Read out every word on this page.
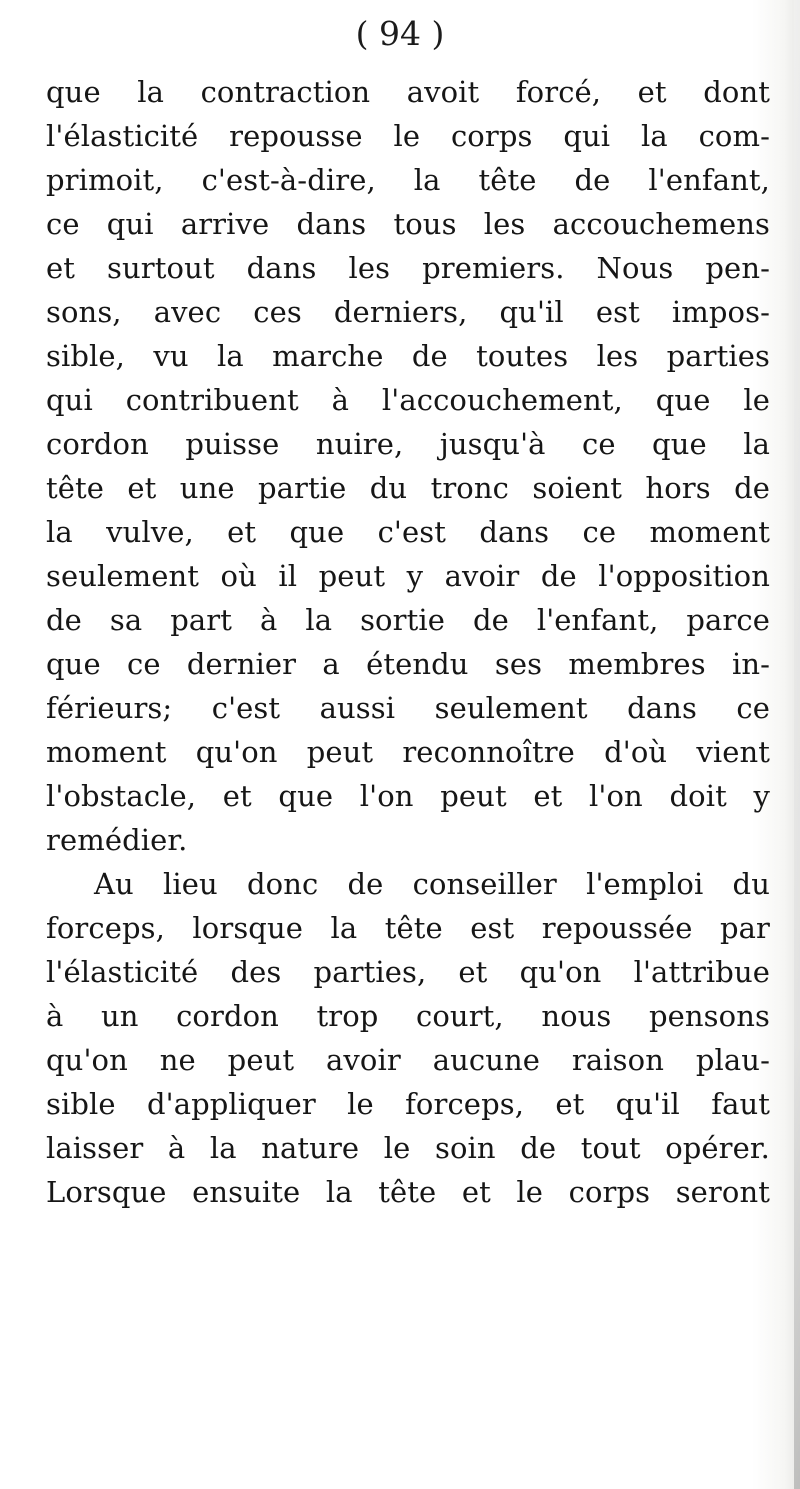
( 94 )
que la contraction avoit forcé, et dont
l'élasticité repousse le corps qui la com-
primoit, c'est-à-dire, la tête de l'enfant,
ce qui arrive dans tous les accouchemens
et surtout dans les premiers. Nous pen-
sons, avec ces derniers, qu'il est impos-
sible, vu la marche de toutes les parties
qui contribuent à l'accouchement, que le
cordon puisse nuire, jusqu'à ce que la
tête et une partie du tronc soient hors de
la vulve, et que c'est dans ce moment
seulement où il peut y avoir de l'opposition
de sa part à la sortie de l'enfant, parce
que ce dernier a étendu ses membres in-
férieurs; c'est aussi seulement dans ce
moment qu'on peut reconnoître d'où vient
l'obstacle, et que l'on peut et l'on doit y
remédier.
Au lieu donc de conseiller l'emploi du
forceps, lorsque la tête est repoussée par
l'élasticité des parties, et qu'on l'attribue
à un cordon trop court, nous pensons
qu'on ne peut avoir aucune raison plau-
sible d'appliquer le forceps, et qu'il faut
laisser à la nature le soin de tout opérer.
Lorsque ensuite la tête et le corps seront
